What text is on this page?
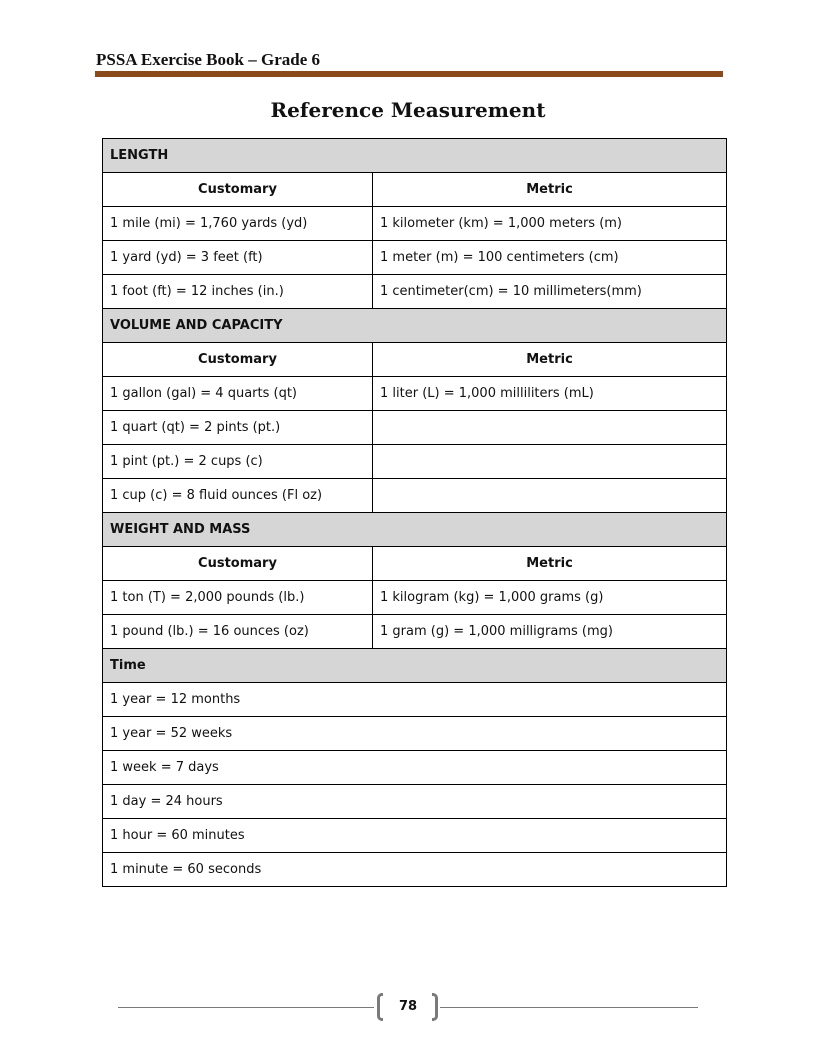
PSSA Exercise Book – Grade 6
Reference Measurement
LENGTH	
Customary	Metric
1 mile (mi) = 1,760 yards (yd)	1 kilometer (km) = 1,000 meters (m)
1 yard (yd) = 3 feet (ft)	1 meter (m) = 100 centimeters (cm)
1 foot (ft) = 12 inches (in.)	1 centimeter(cm) = 10 millimeters(mm)
VOLUME AND CAPACITY	
Customary	Metric
1 gallon (gal) = 4 quarts (qt)	1 liter (L) = 1,000 milliliters (mL)
1 quart (qt) = 2 pints (pt.)	
1 pint (pt.) = 2 cups (c)	
1 cup (c) = 8 fluid ounces (Fl oz)	
WEIGHT AND MASS	
Customary	Metric
1 ton (T) = 2,000 pounds (lb.)	1 kilogram (kg) = 1,000 grams (g)
1 pound (lb.) = 16 ounces (oz)	1 gram (g) = 1,000 milligrams (mg)
Time	
1 year = 12 months	
1 year = 52 weeks	
1 week = 7 days	
1 day = 24 hours	
1 hour = 60 minutes	
1 minute = 60 seconds	
78
